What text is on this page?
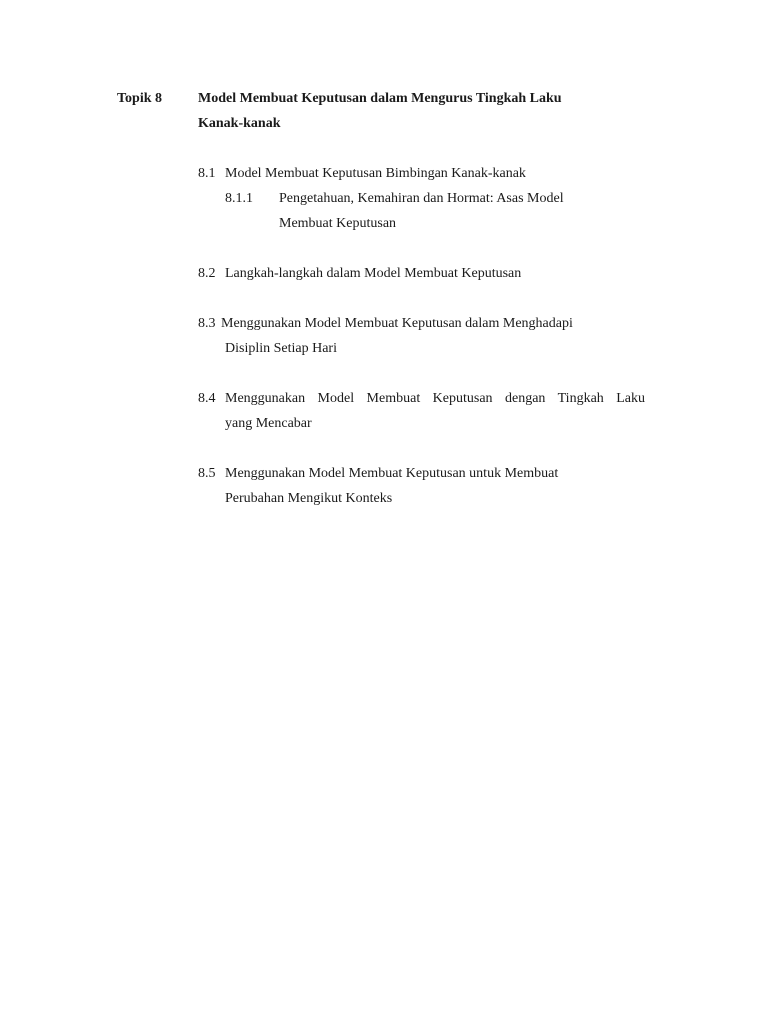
Topik 8	Model Membuat Keputusan dalam Mengurus Tingkah Laku
Kanak-kanak
8.1 Model Membuat Keputusan Bimbingan Kanak-kanak
8.1.1 Pengetahuan, Kemahiran dan Hormat: Asas Model
Membuat Keputusan
8.2 Langkah-langkah dalam Model Membuat Keputusan
8.3 Menggunakan Model Membuat Keputusan dalam Menghadapi
Disiplin Setiap Hari
8.4 Menggunakan Model Membuat Keputusan dengan Tingkah Laku
yang Mencabar
8.5 Menggunakan Model Membuat Keputusan untuk Membuat
Perubahan Mengikut Konteks
